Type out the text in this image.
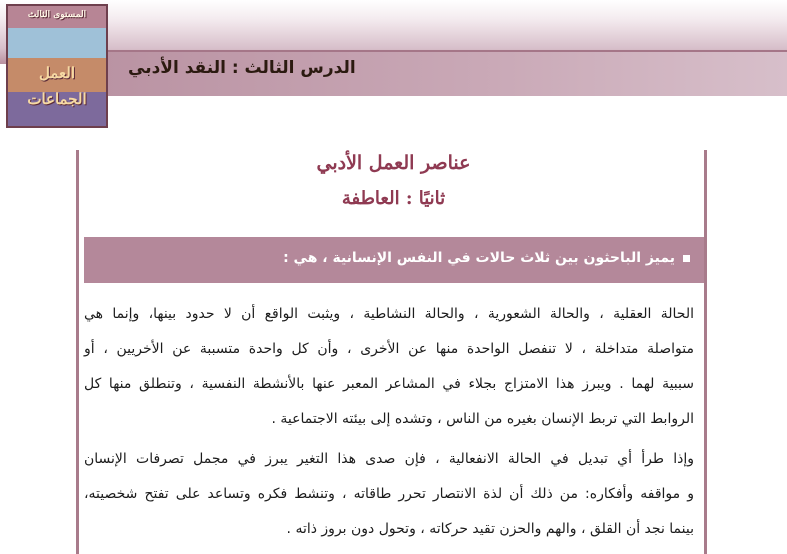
الدرس الثالث : النقد الأدبي
المستوى الثالث
العمل
الجماعات
عناصر العمل الأدبي
ثانيًا : العاطفة
يميز الباحثون بين ثلاث حالات في النفس الإنسانية ، هي :
الحالة العقلية ، والحالة الشعورية ، والحالة النشاطية ، ويثبت الواقع أن لا حدود بينها، وإنما هي
متواصلة متداخلة ، لا تنفصل الواحدة منها عن الأخرى ، وأن كل واحدة متسببة عن الأخريين ، أو
سببية لهما . ويبرز هذا الامتزاج بجلاء في المشاعر المعبر عنها بالأنشطة النفسية ، وتنطلق منها كل
الروابط التي تربط الإنسان بغيره من الناس ، وتشده إلى بيئته الاجتماعية .
وإذا طرأ أي تبديل في الحالة الانفعالية ، فإن صدى هذا التغير يبرز في مجمل تصرفات الإنسان
و مواقفه وأفكاره: من ذلك أن لذة الانتصار تحرر طاقاته ، وتنشط فكره وتساعد على تفتح شخصيته،
بينما نجد أن القلق ، والهم والحزن تقيد حركاته ، وتحول دون بروز ذاته .
